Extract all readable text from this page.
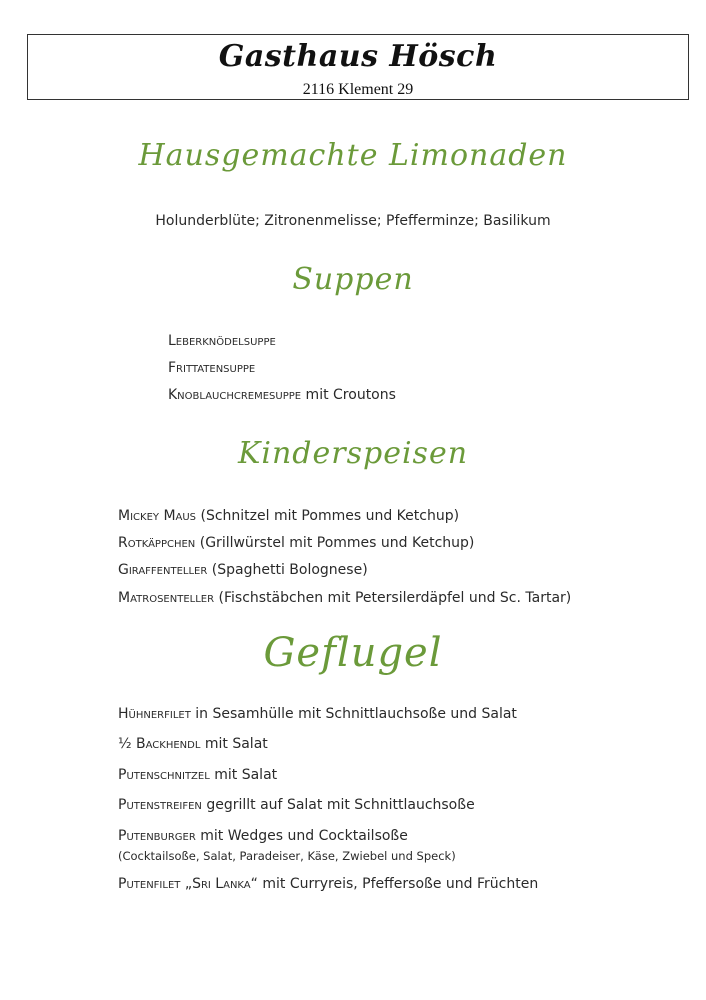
Gasthaus Hösch
2116 Klement 29
Hausgemachte Limonaden
Holunderblüte; Zitronenmelisse; Pfefferminze; Basilikum
Suppen
Leberknödelsuppe
Frittatensuppe
Knoblauchcremesuppe mit Croutons
Kinderspeisen
Mickey Maus (Schnitzel mit Pommes und Ketchup)
Rotkäppchen (Grillwürstel mit Pommes und Ketchup)
Giraffenteller (Spaghetti Bolognese)
Matrosenteller (Fischstäbchen mit Petersilerdäpfel und Sc. Tartar)
Geflugel
Hühnerfilet in Sesamhülle mit Schnittlauchsoße und Salat
½ Backhendl mit Salat
Putenschnitzel mit Salat
Putenstreifen gegrillt auf Salat mit Schnittlauchsoße
Putenburger mit Wedges und Cocktailsoße
(Cocktailsoße, Salat, Paradeiser, Käse, Zwiebel und Speck)
Putenfilet „Sri Lanka“ mit Curryreis, Pfeffersoße und Früchten
